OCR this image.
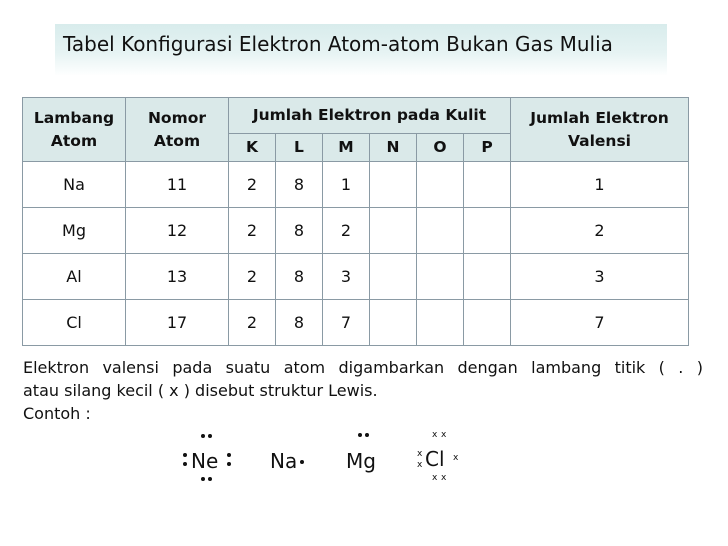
Tabel Konfigurasi Elektron Atom-atom Bukan Gas Mulia
Lambang Atom	Nomor Atom	Jumlah Elektron pada Kulit						Jumlah Elektron Valensi
		K	L	M	N	O	P	
Na	11	2	8	1				1
Mg	12	2	8	2				2
Al	13	2	8	3				3
Cl	17	2	8	7				7
Elektron valensi pada suatu atom digambarkan dengan lambang titik ( . )
atau silang kecil ( x ) disebut struktur Lewis.
Contoh :
Ne	Na Mg Cl
x x
x x
x
x
x
